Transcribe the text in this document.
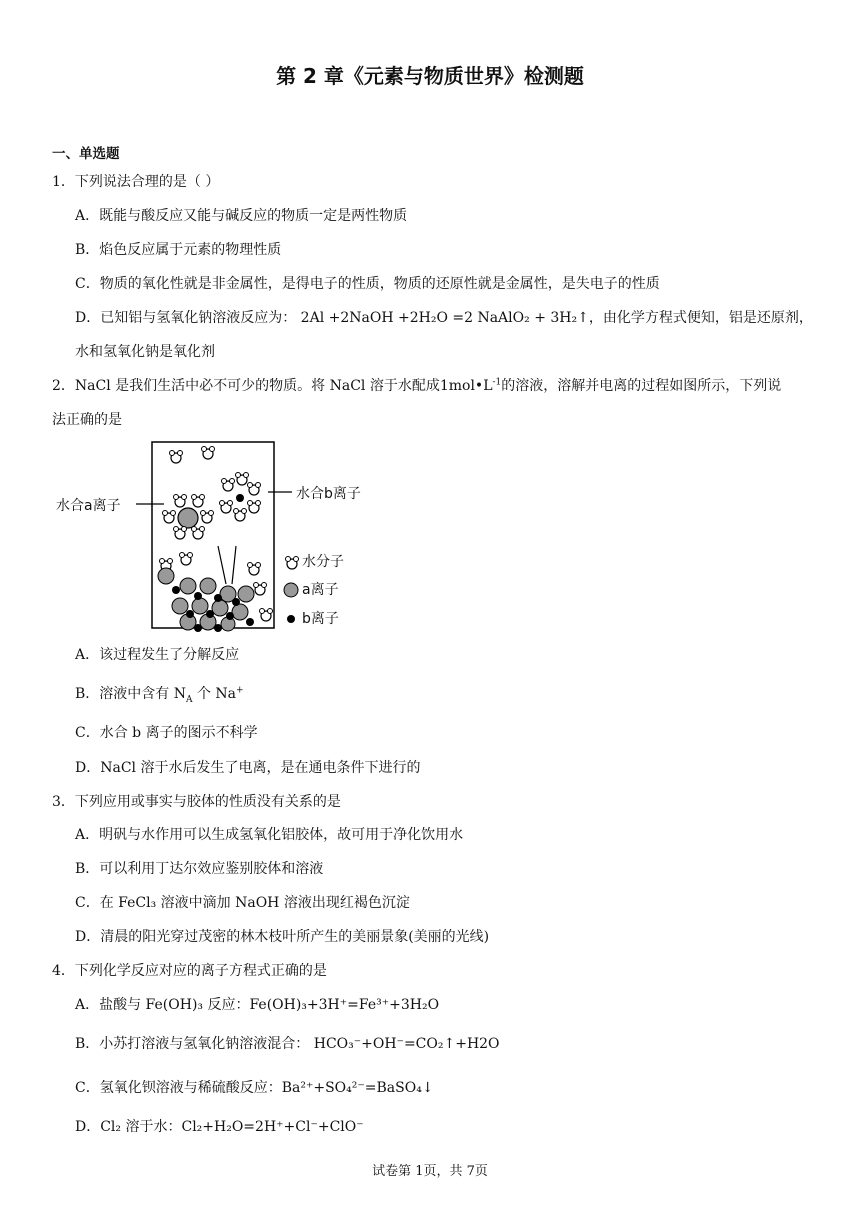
第 2 章《元素与物质世界》检测题
一、单选题
1．下列说法合理的是（ ）
A．既能与酸反应又能与碱反应的物质一定是两性物质
B．焰色反应属于元素的物理性质
C．物质的氧化性就是非金属性，是得电子的性质，物质的还原性就是金属性，是失电子的性质
D．已知铝与氢氧化钠溶液反应为： 2Al +2NaOH +2H₂O =2 NaAlO₂ + 3H₂↑，由化学方程式便知，铝是还原剂，
水和氢氧化钠是氧化剂
2．NaCl 是我们生活中必不可少的物质。将 NaCl 溶于水配成$1mol•L^{-1}$的溶液，溶解并电离的过程如图所示，下列说
法正确的是
水合a离子
水合b离子
水分子
a离子
b离子
A．该过程发生了分解反应
B．溶液中含有 $N_A$ 个 Na+
C．水合 b 离子的图示不科学
D．NaCl 溶于水后发生了电离，是在通电条件下进行的
3．下列应用或事实与胶体的性质没有关系的是
A．明矾与水作用可以生成氢氧化铝胶体，故可用于净化饮用水
B．可以利用丁达尔效应鉴别胶体和溶液
C．在 FeCl₃ 溶液中滴加 NaOH 溶液出现红褐色沉淀
D．清晨的阳光穿过茂密的林木枝叶所产生的美丽景象(美丽的光线)
4．下列化学反应对应的离子方程式正确的是
A．盐酸与 Fe(OH)₃ 反应：Fe(OH)₃+3H⁺=Fe³⁺+3H₂O
B．小苏打溶液与氢氧化钠溶液混合： HCO₃⁻+OH⁻=CO₂↑+H2O
C．氢氧化钡溶液与稀硫酸反应：Ba²⁺+SO₄²⁻=BaSO₄↓
D．Cl₂ 溶于水：Cl₂+H₂O=2H⁺+Cl⁻+ClO⁻
试卷第 1页，共 7页
